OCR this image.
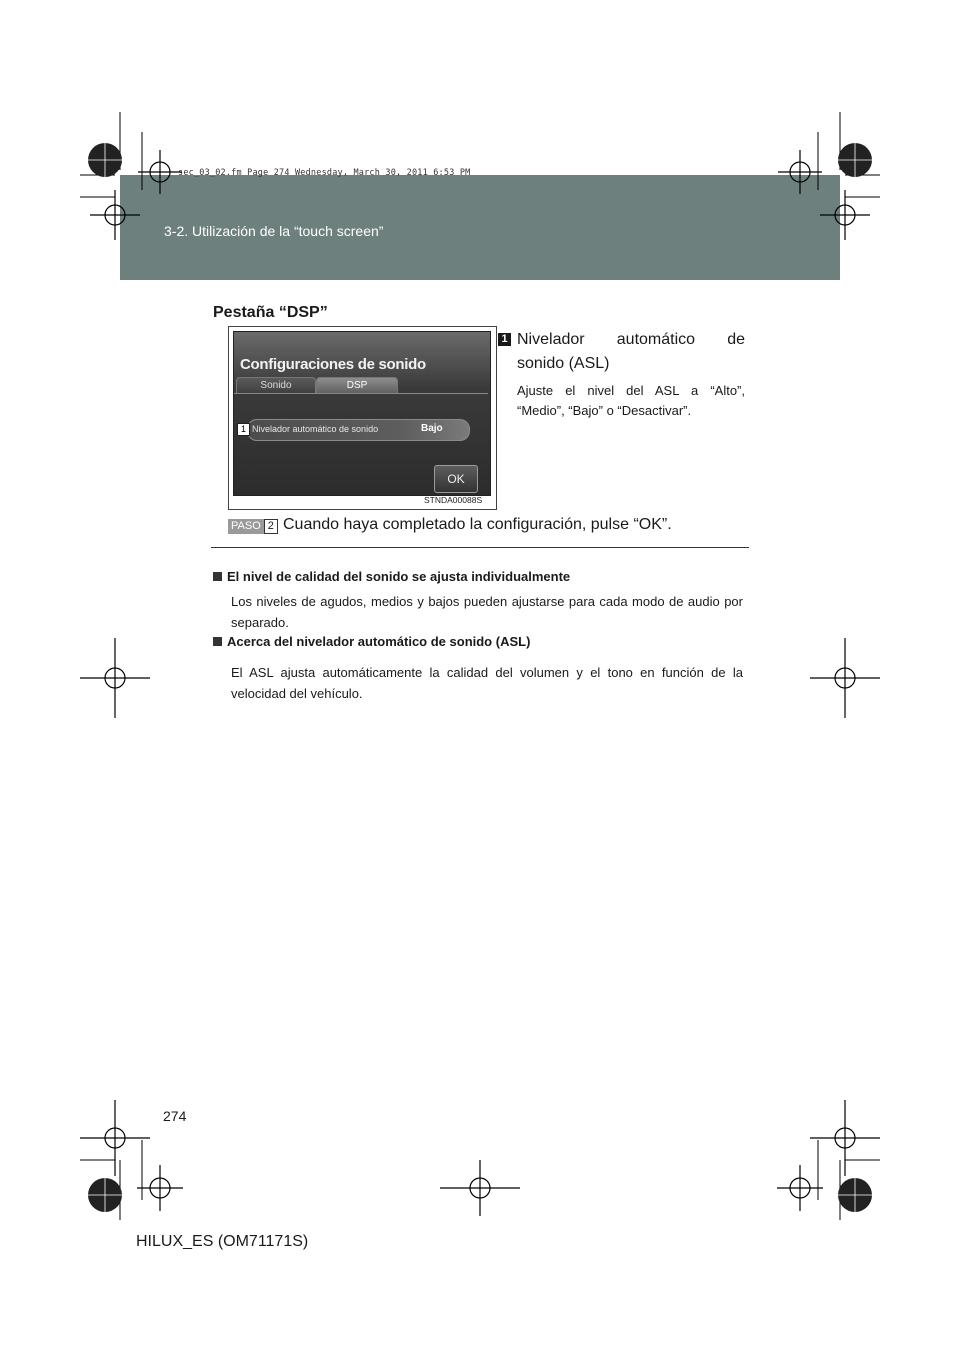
3-2. Utilización de la “touch screen”
sec_03_02.fm Page 274 Wednesday, March 30, 2011 6:53 PM
Pestaña “DSP”
Configuraciones de sonido
Sonido	DSP
Nivelador automático de sonido	Bajo
1
OK
STNDA00088S
1 Nivelador automático de
sonido (ASL)
Ajuste el nivel del ASL a “Alto”, “Medio”, “Bajo” o “Desactivar”.
PASO 2 Cuando haya completado la configuración, pulse “OK”.
El nivel de calidad del sonido se ajusta individualmente
Los niveles de agudos, medios y bajos pueden ajustarse para cada modo de audio por separado.
Acerca del nivelador automático de sonido (ASL)
El ASL ajusta automáticamente la calidad del volumen y el tono en función de la velocidad del vehículo.
274
HILUX_ES (OM71171S)
